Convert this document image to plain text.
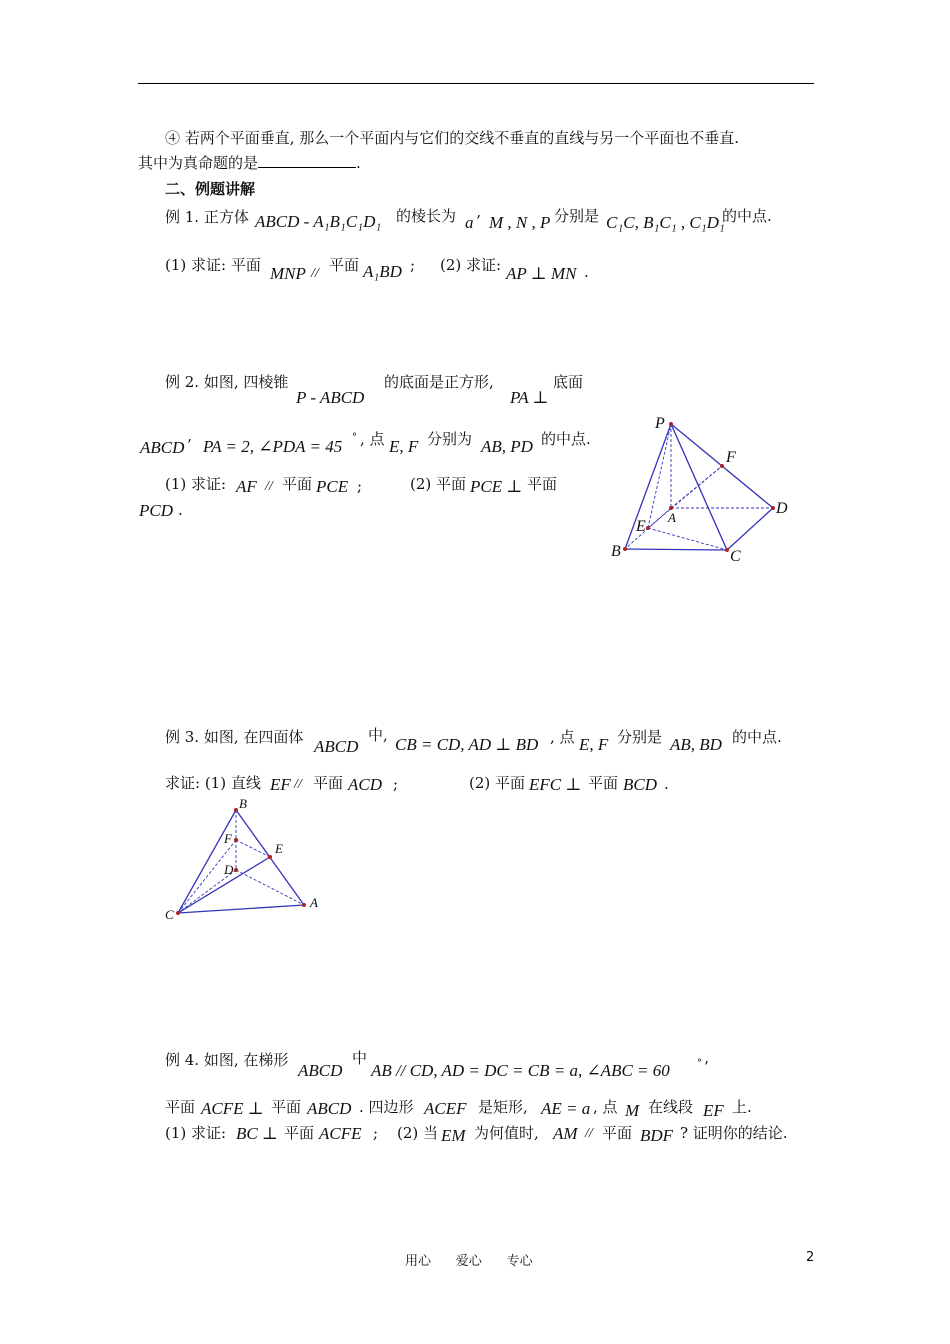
④ 若两个平面垂直, 那么一个平面内与它们的交线不垂直的直线与另一个平面也不垂直.
其中为真命题的是	.
二、例题讲解
例 1. 正方体 ABCD - A₁B₁C₁D₁ 的棱长为 a ’ M , N , P 分别是 C₁C, B₁C₁ , C₁D₁
的中点.
(1) 求证: 平面 MNP // 平面 A₁BD ; (2) 求证: AP ⊥ MN .
例 2. 如图, 四棱锥
P - ABCD
的底面是正方形,
PA ⊥
底面
ABCD ’ PA = 2, ∠PDA = 45 ° , 点 E, F 分别为 AB, PD 的中点.
(1) 求证: AF // 平面 PCE ;	(2) 平面 PCE ⊥ 平面
PCD .
P
F
D
A
E
B	C
例 3. 如图, 在四面体 ABCD
中, CB = CD, AD ⊥ BD , 点 E, F 分别是 AB, BD 的中点.
求证: (1) 直线 EF // 平面 ACD ;	(2) 平面 EFC ⊥ 平面 BCD .
B
F
E
D
C
A
例 4. 如图, 在梯形
ABCD
中
AB // CD, AD = DC = CB = a, ∠ABC = 60	° ’
平面 ACFE ⊥ 平面 ABCD . 四边形 ACEF 是矩形, AE = a , 点 M 在线段 EF 上.
(1) 求证: BC ⊥ 平面 ACFE ; (2) 当 EM 为何值时, AM // 平面 BDF ? 证明你的结论.
用心      爱心      专心	2
